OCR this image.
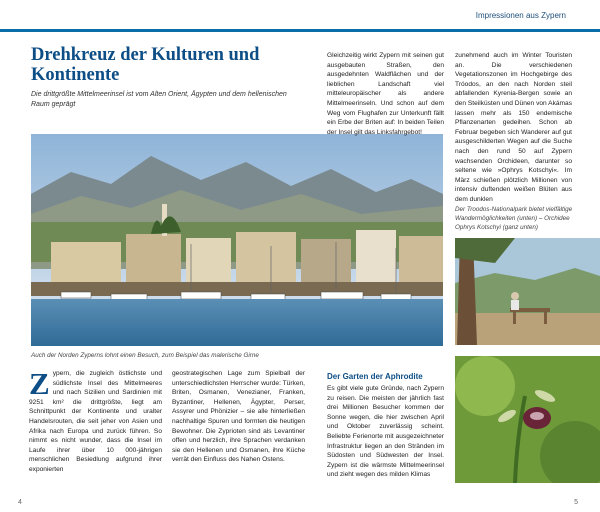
Impressionen aus Zypern
Drehkreuz der Kulturen und Kontinente
Die drittgrößte Mittelmeerinsel ist vom Alten Orient, Ägypten und dem hellenischen Raum geprägt
Auch der Norden Zyperns lohnt einen Besuch, zum Beispiel das malerische Girne
Zypern, die zugleich östlichste und südlichste Insel des Mittelmeeres und nach Sizilien und Sardinien mit 9251 km² die drittgrößte, liegt am Schnittpunkt der Kontinente und uralter Handelsrouten, die seit jeher von Asien und Afrika nach Europa und zurück führen. So nimmt es nicht wunder, dass die Insel im Laufe ihrer über 10 000-jährigen menschlichen Besiedlung aufgrund ihrer exponierten
geostrategischen Lage zum Spielball der unterschiedlichsten Herrscher wurde: Türken, Briten, Osmanen, Venezianer, Franken, Byzantiner, Hellenen, Ägypter, Perser, Assyrer und Phönizier – sie alle hinterließen nachhaltige Spuren und formten die heutigen Bewohner. Die Zyprioten sind als Levantiner offen und herzlich, ihre Sprachen verdanken sie den Hellenen und Osmanen, ihre Küche verrät den Einfluss des Nahen Ostens.
Gleichzeitig wirkt Zypern mit seinen gut ausgebauten Straßen, den ausgedehnten Waldflächen und der lieblichen Landschaft viel mitteleuropäischer als andere Mittelmeerinseln. Und schon auf dem Weg vom Flughafen zur Unterkunft fällt ein Erbe der Briten auf: In beiden Teilen der Insel gilt das Linksfahrgebot!
zunehmend auch im Winter Touristen an. Die verschiedenen Vegetationszonen im Hochgebirge des Tróodos, an den nach Norden steil abfallenden Kyrenia-Bergen sowie an den Steilküsten und Dünen von Akámas lassen mehr als 150 endemische Pflanzenarten gedeihen. Schon ab Februar begeben sich Wanderer auf gut ausgeschilderten Wegen auf die Suche nach den rund 50 auf Zypern wachsenden Orchideen, darunter so seltene wie »Ophrys Kotschyi«. Im März schießen plötzlich Millionen von intensiv duftenden weißen Blüten aus dem dunklen
Der Garten der Aphrodite
Es gibt viele gute Gründe, nach Zypern zu reisen. Die meisten der jährlich fast drei Millionen Besucher kommen der Sonne wegen, die hier zwischen April und Oktober zuverlässig scheint. Beliebte Ferienorte mit ausgezeichneter Infrastruktur liegen an den Stränden im Südosten und Südwesten der Insel. Zypern ist die wärmste Mittelmeerinsel und zieht wegen des milden Klimas
Der Troodos-Nationalpark bietet vielfältige Wandermöglichkeiten (unten) – Orchidee Ophrys Kotschyi (ganz unten)
4	5
